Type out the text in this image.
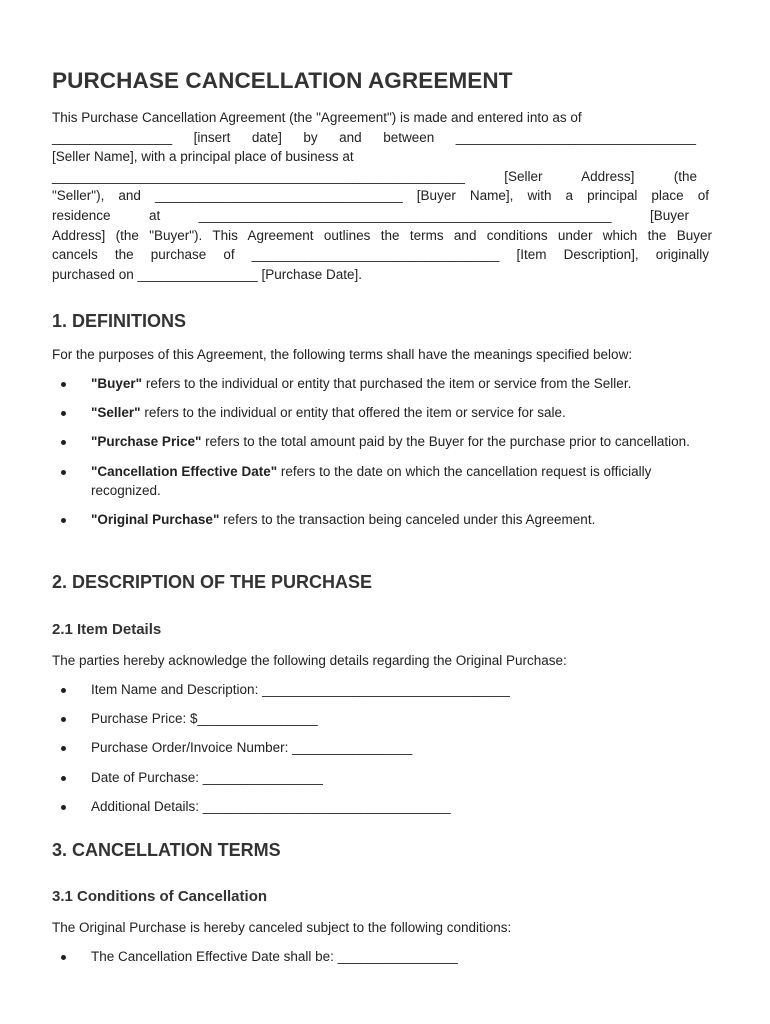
PURCHASE CANCELLATION AGREEMENT
This Purchase Cancellation Agreement (the "Agreement") is made and entered into as of
________________ [insert date] by and between ________________________________
[Seller Name], with a principal place of business at
_______________________________________________________ [Seller Address] (the
"Seller"), and _________________________________ [Buyer Name], with a principal place of
residence at _______________________________________________________ [Buyer
Address] (the "Buyer"). This Agreement outlines the terms and conditions under which the Buyer
cancels the purchase of _________________________________ [Item Description], originally
purchased on ________________ [Purchase Date].
1. DEFINITIONS

For the purposes of this Agreement, the following terms shall have the meanings specified below:

"Buyer" refers to the individual or entity that purchased the item or service from the Seller.
"Seller" refers to the individual or entity that offered the item or service for sale.
"Purchase Price" refers to the total amount paid by the Buyer for the purchase prior to cancellation.
"Cancellation Effective Date" refers to the date on which the cancellation request is officially recognized.
"Original Purchase" refers to the transaction being canceled under this Agreement.
2. DESCRIPTION OF THE PURCHASE
2.1 Item Details

The parties hereby acknowledge the following details regarding the Original Purchase:

Item Name and Description: _________________________________
Purchase Price: $________________
Purchase Order/Invoice Number: ________________
Date of Purchase: ________________
Additional Details: _________________________________
3. CANCELLATION TERMS
3.1 Conditions of Cancellation

The Original Purchase is hereby canceled subject to the following conditions:

The Cancellation Effective Date shall be: ________________
